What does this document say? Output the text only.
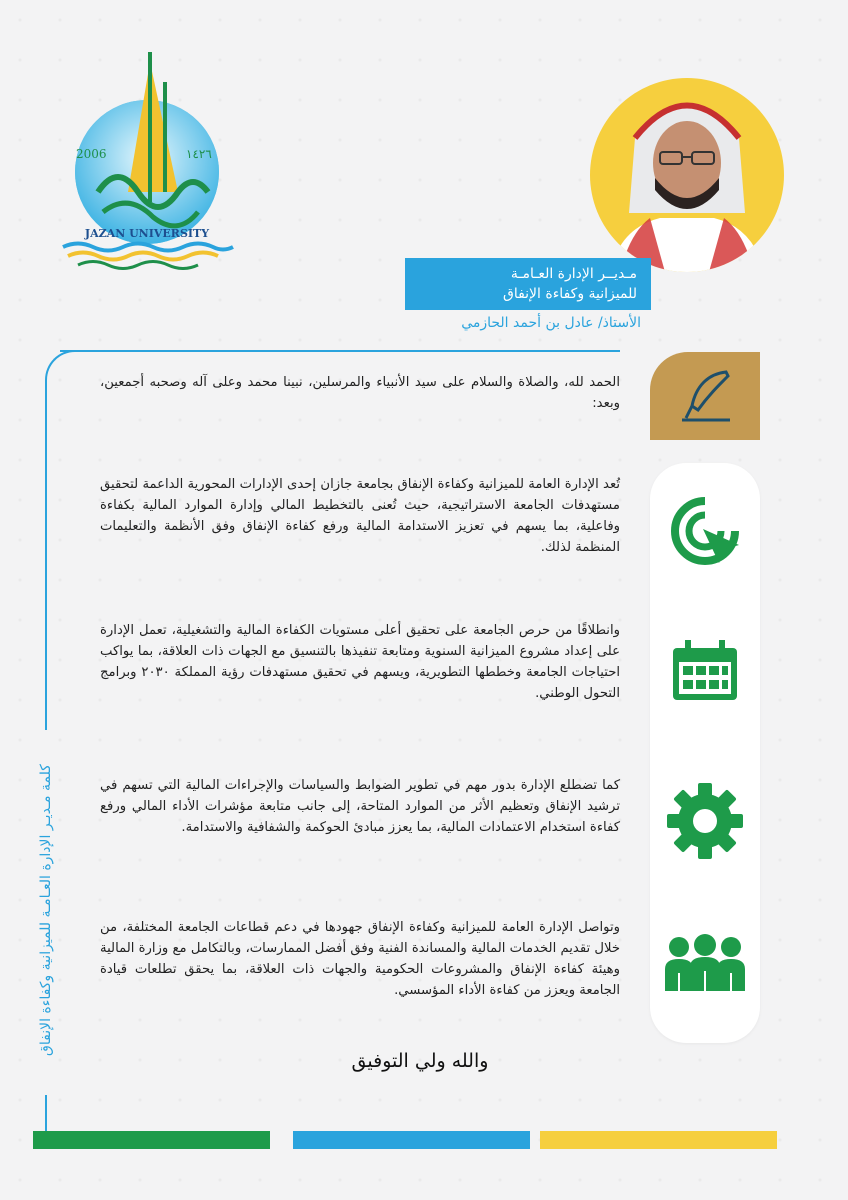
2006	١٤٢٦
JAZAN UNIVERSITY
مـديــر الإدارة العـامـة
للميزانية وكفاءة الإنفاق
الأستاذ/ عادل بن أحمد الحازمي
كلمة مـديـر الإدارة العـامـة للميزانية وكفاءة الإنفاق
الحمد لله، والصلاة والسلام على سيد الأنبياء والمرسلين، نبينا محمد وعلى آله وصحبه أجمعين، وبعد:
تُعد الإدارة العامة للميزانية وكفاءة الإنفاق بجامعة جازان إحدى الإدارات المحورية الداعمة لتحقيق مستهدفات الجامعة الاستراتيجية، حيث تُعنى بالتخطيط المالي وإدارة الموارد المالية بكفاءة وفاعلية، بما يسهم في تعزيز الاستدامة المالية ورفع كفاءة الإنفاق وفق الأنظمة والتعليمات المنظمة لذلك.
وانطلاقًا من حرص الجامعة على تحقيق أعلى مستويات الكفاءة المالية والتشغيلية، تعمل الإدارة على إعداد مشروع الميزانية السنوية ومتابعة تنفيذها بالتنسيق مع الجهات ذات العلاقة، بما يواكب احتياجات الجامعة وخططها التطويرية، ويسهم في تحقيق مستهدفات رؤية المملكة ٢٠٣٠ وبرامج التحول الوطني.
كما تضطلع الإدارة بدور مهم في تطوير الضوابط والسياسات والإجراءات المالية التي تسهم في ترشيد الإنفاق وتعظيم الأثر من الموارد المتاحة، إلى جانب متابعة مؤشرات الأداء المالي ورفع كفاءة استخدام الاعتمادات المالية، بما يعزز مبادئ الحوكمة والشفافية والاستدامة.
وتواصل الإدارة العامة للميزانية وكفاءة الإنفاق جهودها في دعم قطاعات الجامعة المختلفة، من خلال تقديم الخدمات المالية والمساندة الفنية وفق أفضل الممارسات، وبالتكامل مع وزارة المالية وهيئة كفاءة الإنفاق والمشروعات الحكومية والجهات ذات العلاقة، بما يحقق تطلعات قيادة الجامعة ويعزز من كفاءة الأداء المؤسسي.
والله ولي التوفيق
